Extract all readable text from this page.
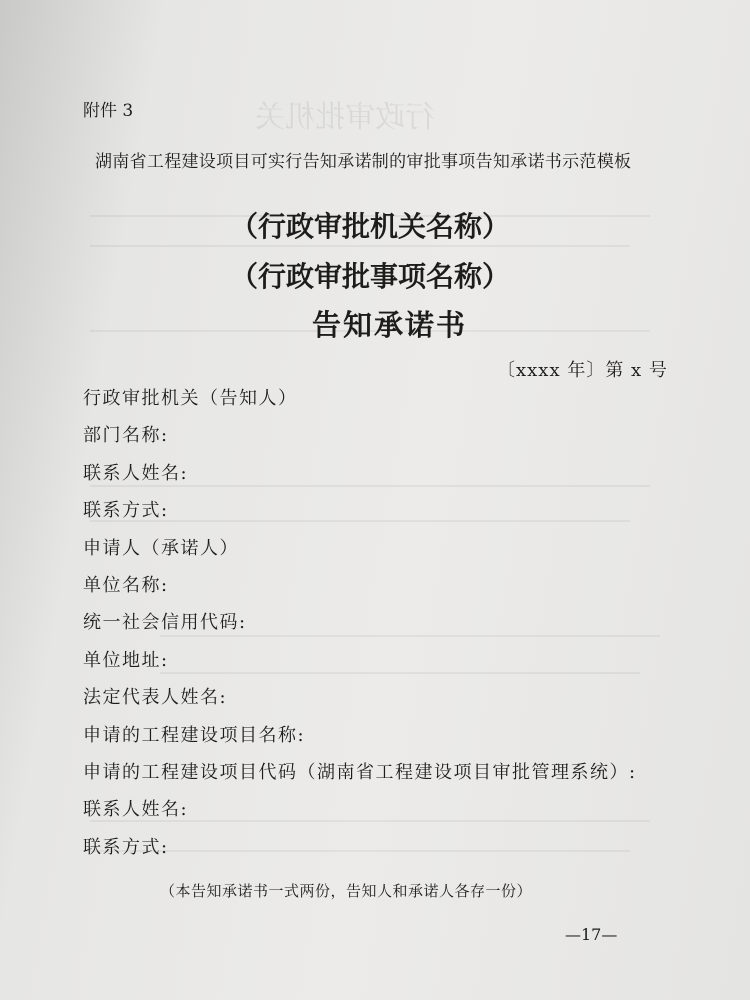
行政审批机关
附件 3
湖南省工程建设项目可实行告知承诺制的审批事项告知承诺书示范模板
（行政审批机关名称）
（行政审批事项名称）
告知承诺书
〔xxxx 年〕第 x 号
行政审批机关（告知人）
部门名称:
联系人姓名:
联系方式:
申请人（承诺人）
单位名称:
统一社会信用代码:
单位地址:
法定代表人姓名:
申请的工程建设项目名称:
申请的工程建设项目代码（湖南省工程建设项目审批管理系统）:
联系人姓名:
联系方式:
（本告知承诺书一式两份，告知人和承诺人各存一份）
—17—
